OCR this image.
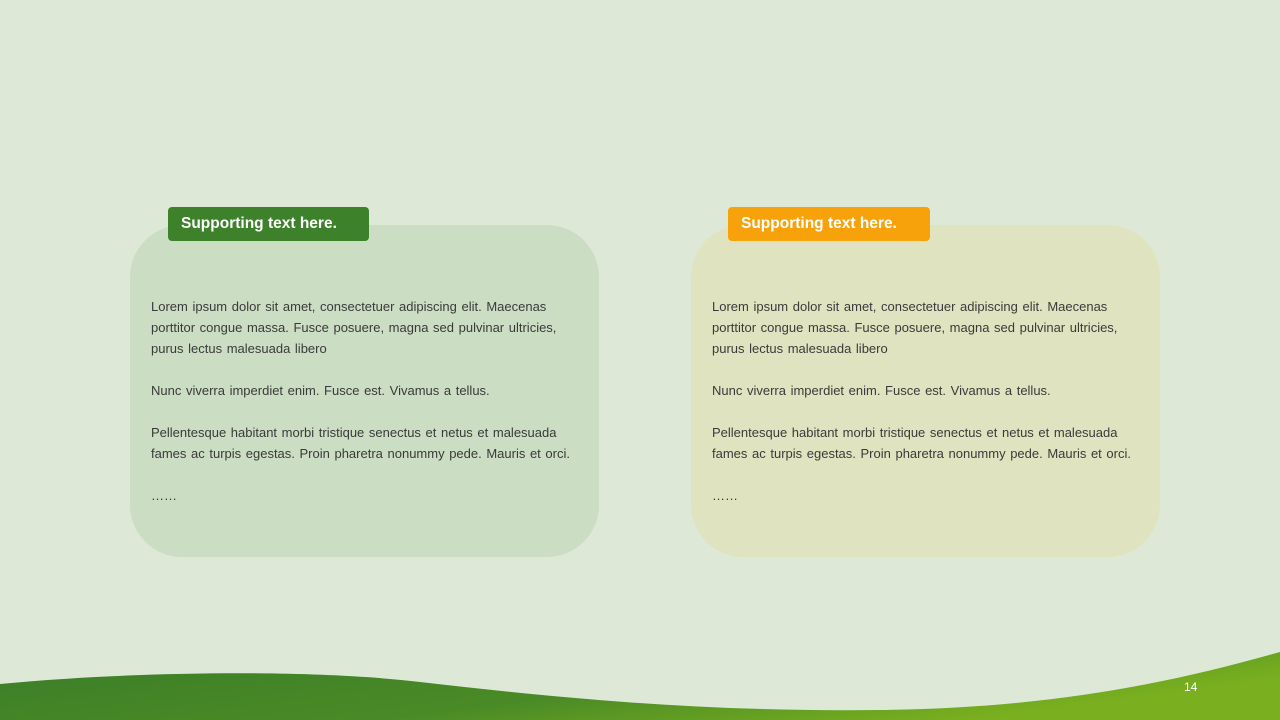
Lorem ipsum dolor sit amet, consectetuer adipiscing elit. Maecenas porttitor congue massa. Fusce posuere, magna sed pulvinar ultricies, purus lectus malesuada libero

Nunc viverra imperdiet enim. Fusce est. Vivamus a tellus.

Pellentesque habitant morbi tristique senectus et netus et malesuada fames ac turpis egestas. Proin pharetra nonummy pede. Mauris et orci.

……

Supporting text here.

Lorem ipsum dolor sit amet, consectetuer adipiscing elit. Maecenas porttitor congue massa. Fusce posuere, magna sed pulvinar ultricies, purus lectus malesuada libero

Nunc viverra imperdiet enim. Fusce est. Vivamus a tellus.

Pellentesque habitant morbi tristique senectus et netus et malesuada fames ac turpis egestas. Proin pharetra nonummy pede. Mauris et orci.

……

Supporting text here.
14
